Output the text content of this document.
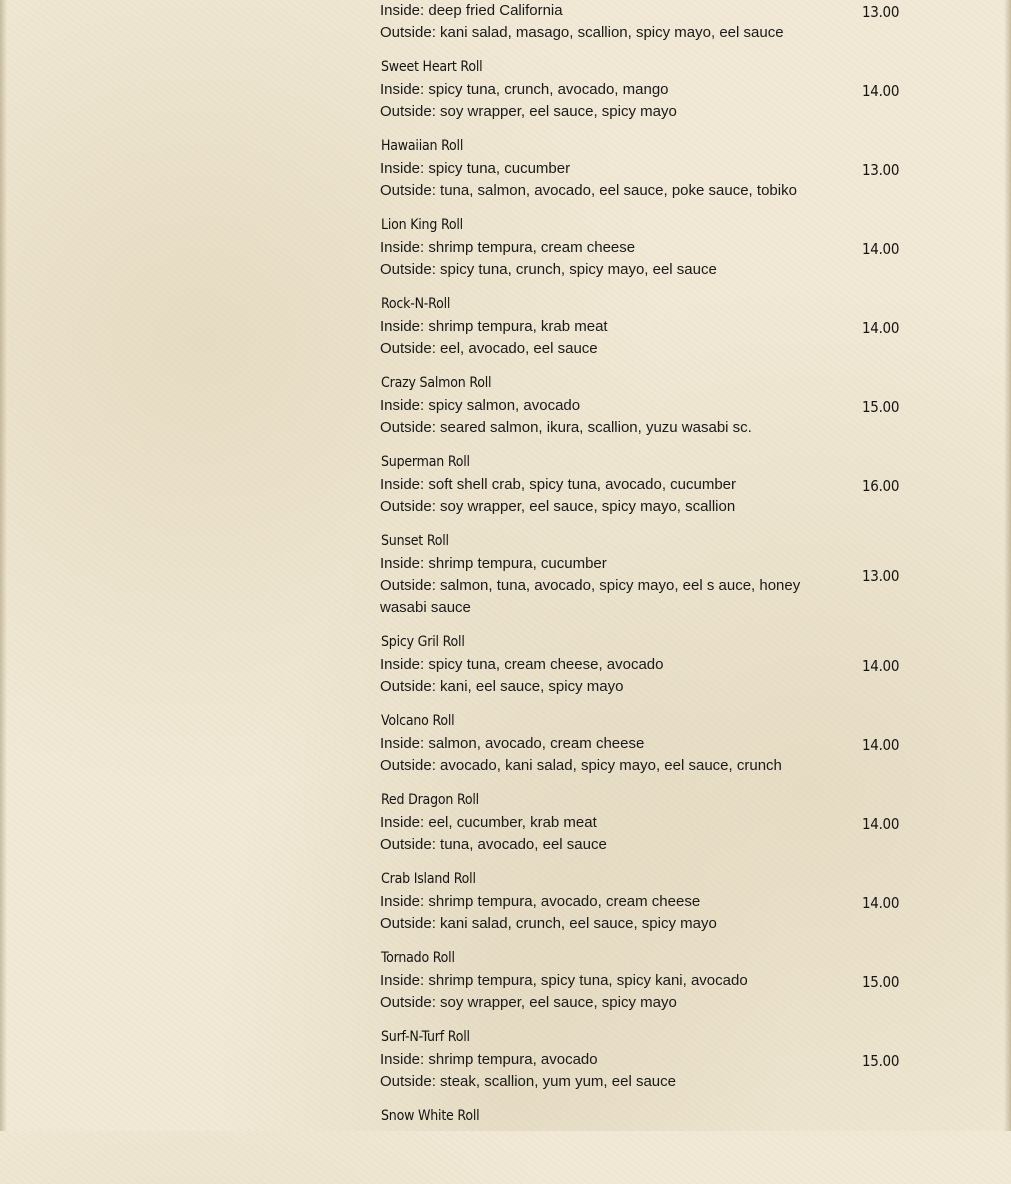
Inside: deep fried California
Outside: kani salad, masago, scallion, spicy mayo, eel sauce
13.00
Sweet Heart Roll
Inside: spicy tuna, crunch, avocado, mango
Outside: soy wrapper, eel sauce, spicy mayo
14.00
Hawaiian Roll
Inside: spicy tuna, cucumber
Outside: tuna, salmon, avocado, eel sauce, poke sauce, tobiko
13.00
Lion King Roll
Inside: shrimp tempura, cream cheese
Outside: spicy tuna, crunch, spicy mayo, eel sauce
14.00
Rock-N-Roll
Inside: shrimp tempura, krab meat
Outside: eel, avocado, eel sauce
14.00
Crazy Salmon Roll
Inside: spicy salmon, avocado
Outside: seared salmon, ikura, scallion, yuzu wasabi sc.
15.00
Superman Roll
Inside: soft shell crab, spicy tuna, avocado, cucumber
Outside: soy wrapper, eel sauce, spicy mayo, scallion
16.00
Sunset Roll
Inside: shrimp tempura, cucumber
Outside: salmon, tuna, avocado, spicy mayo, eel s auce, honey wasabi sauce
13.00
Spicy Gril Roll
Inside: spicy tuna, cream cheese, avocado
Outside: kani, eel sauce, spicy mayo
14.00
Volcano Roll
Inside: salmon, avocado, cream cheese
Outside: avocado, kani salad, spicy mayo, eel sauce, crunch
14.00
Red Dragon Roll
Inside: eel, cucumber, krab meat
Outside: tuna, avocado, eel sauce
14.00
Crab Island Roll
Inside: shrimp tempura, avocado, cream cheese
Outside: kani salad, crunch, eel sauce, spicy mayo
14.00
Tornado Roll
Inside: shrimp tempura, spicy tuna, spicy kani, avocado
Outside: soy wrapper, eel sauce, spicy mayo
15.00
Surf-N-Turf Roll
Inside: shrimp tempura, avocado
Outside: steak, scallion, yum yum, eel sauce
15.00
Snow White Roll
